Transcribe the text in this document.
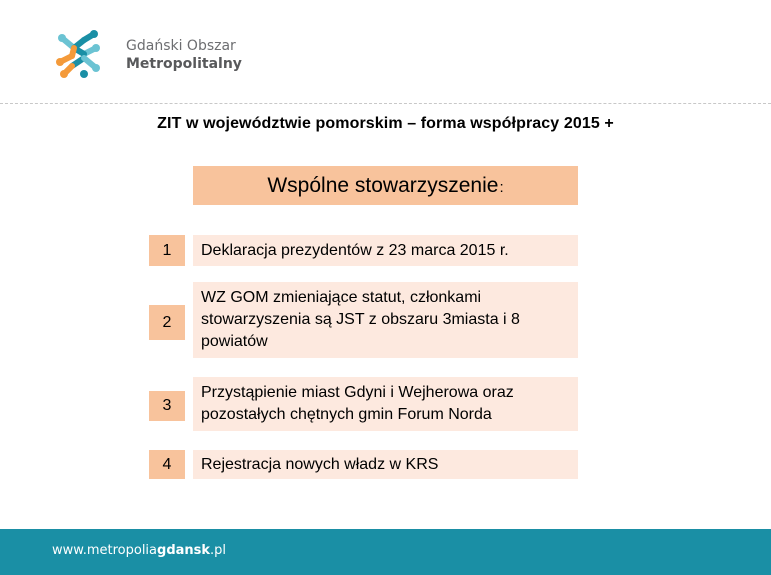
Gdański Obszar
Metropolitalny
ZIT w województwie pomorskim – forma współpracy 2015 +
Wspólne stowarzyszenie :
1	Deklaracja prezydentów z 23 marca 2015 r.
2
WZ GOM zmieniające statut, członkami stowarzyszenia są JST z obszaru 3miasta i 8 powiatów
3
Przystąpienie miast Gdyni i Wejherowa oraz pozostałych chętnych gmin Forum Norda
4	Rejestracja nowych władz w KRS
www.metropoliagdansk.pl
